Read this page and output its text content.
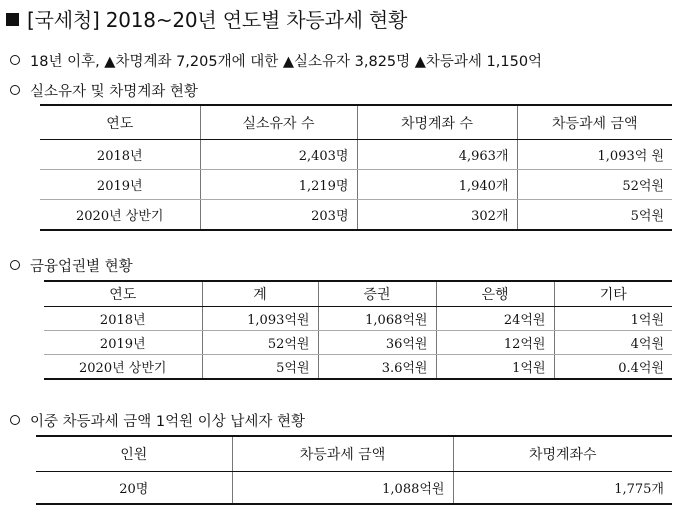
[국세청] 2018~20년 연도별 차등과세 현황
18년 이후, ▲차명계좌 7,205개에 대한 ▲실소유자 3,825명 ▲차등과세 1,150억
실소유자 및 차명계좌 현황
연도	실소유자 수	차명계좌 수	차등과세 금액
2018년	2,403명	4,963개	1,093억 원
2019년	1,219명	1,940개	52억원
2020년 상반기	203명	302개	5억원
금융업권별 현황
연도	계	증권	은행	기타
2018년	1,093억원	1,068억원	24억원	1억원
2019년	52억원	36억원	12억원	4억원
2020년 상반기	5억원	3.6억원	1억원	0.4억원
이중 차등과세 금액 1억원 이상 납세자 현황
인원	차등과세 금액	차명계좌수
20명	1,088억원	1,775개
